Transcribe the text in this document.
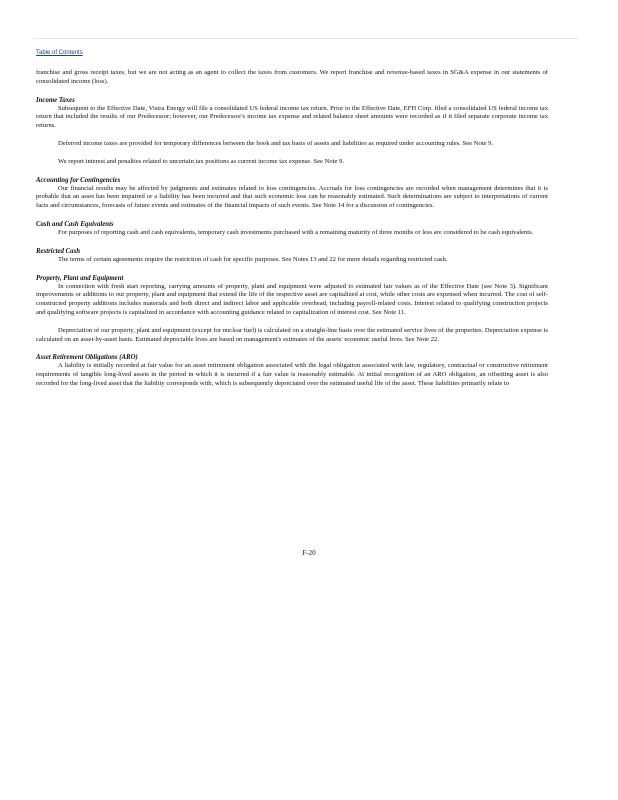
Table of Contents

franchise and gross receipt taxes, but we are not acting as an agent to collect the taxes from customers. We report franchise and revenue-based taxes in SG&A expense in our statements of consolidated income (loss).

Income Taxes

Subsequent to the Effective Date, Vistra Energy will file a consolidated US federal income tax return. Prior to the Effective Date, EFH Corp. filed a consolidated US federal income tax return that included the results of our Predecessor; however, our Predecessor's income tax expense and related balance sheet amounts were recorded as if it filed separate corporate income tax returns.

Deferred income taxes are provided for temporary differences between the book and tax basis of assets and liabilities as required under accounting rules. See Note 9.

We report interest and penalties related to uncertain tax positions as current income tax expense. See Note 9.

Accounting for Contingencies

Our financial results may be affected by judgments and estimates related to loss contingencies. Accruals for loss contingencies are recorded when management determines that it is probable that an asset has been impaired or a liability has been incurred and that such economic loss can be reasonably estimated. Such determinations are subject to interpretations of current facts and circumstances, forecasts of future events and estimates of the financial impacts of such events. See Note 14 for a discussion of contingencies.

Cash and Cash Equivalents

For purposes of reporting cash and cash equivalents, temporary cash investments purchased with a remaining maturity of three months or less are considered to be cash equivalents.

Restricted Cash

The terms of certain agreements require the restriction of cash for specific purposes. See Notes 13 and 22 for more details regarding restricted cash.

Property, Plant and Equipment

In connection with fresh start reporting, carrying amounts of property, plant and equipment were adjusted to estimated fair values as of the Effective Date (see Note 3). Significant improvements or additions to our property, plant and equipment that extend the life of the respective asset are capitalized at cost, while other costs are expensed when incurred. The cost of self-constructed property additions includes materials and both direct and indirect labor and applicable overhead, including payroll-related costs. Interest related to qualifying construction projects and qualifying software projects is capitalized in accordance with accounting guidance related to capitalization of interest cost. See Note 11.

Depreciation of our property, plant and equipment (except for nuclear fuel) is calculated on a straight-line basis over the estimated service lives of the properties. Depreciation expense is calculated on an asset-by-asset basis. Estimated depreciable lives are based on management's estimates of the assets' economic useful lives. See Note 22.

Asset Retirement Obligations (ARO)

A liability is initially recorded at fair value for an asset retirement obligation associated with the legal obligation associated with law, regulatory, contractual or constructive retirement requirements of tangible long-lived assets in the period in which it is incurred if a fair value is reasonably estimable. At initial recognition of an ARO obligation, an offsetting asset is also recorded for the long-lived asset that the liability corresponds with, which is subsequently depreciated over the estimated useful life of the asset. These liabilities primarily relate to

F-20
